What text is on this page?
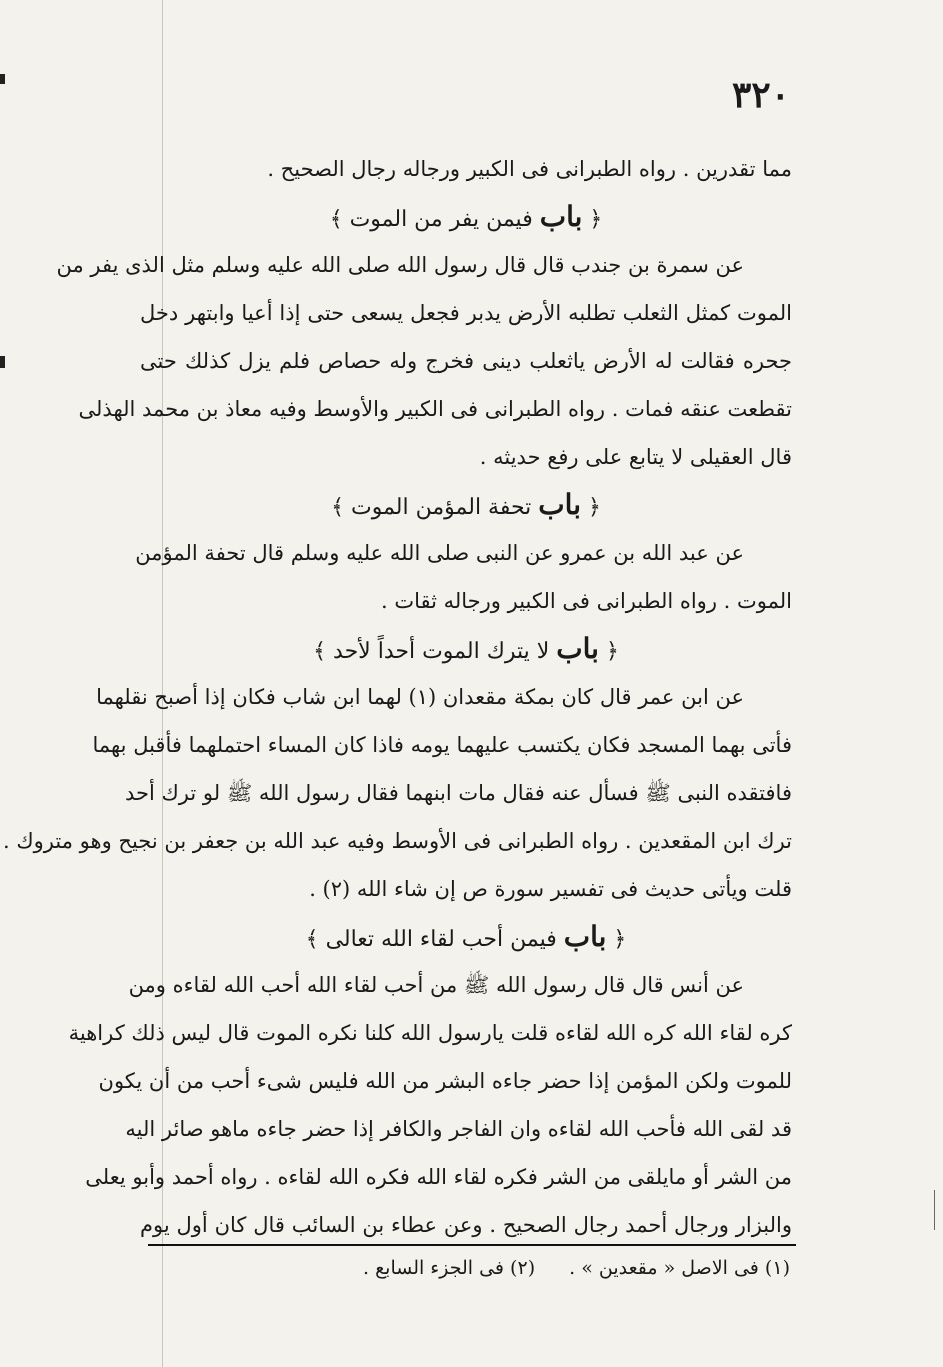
٣٢٠
مما تقدرين . رواه الطبرانى فى الكبير ورجاله رجال الصحيح .
﴿ باب فيمن يفر من الموت ﴾
عن سمرة بن جندب قال قال رسول الله صلى الله عليه وسلم مثل الذى يفر من
الموت كمثل الثعلب تطلبه الأرض يدبر فجعل يسعى حتى إذا أعيا وابتهر دخل
جحره فقالت له الأرض ياثعلب دينى فخرج وله حصاص فلم يزل كذلك حتى
تقطعت عنقه فمات . رواه الطبرانى فى الكبير والأوسط وفيه معاذ بن محمد الهذلى
قال العقيلى لا يتابع على رفع حديثه .
﴿ باب تحفة المؤمن الموت ﴾
عن عبد الله بن عمرو عن النبى صلى الله عليه وسلم قال تحفة المؤمن
الموت . رواه الطبرانى فى الكبير ورجاله ثقات .
﴿ باب لا يترك الموت أحداً لأحد ﴾
عن ابن عمر قال كان بمكة مقعدان (١) لهما ابن شاب فكان إذا أصبح نقلهما
فأتى بهما المسجد فكان يكتسب عليهما يومه فاذا كان المساء احتملهما فأقبل بهما
فافتقده النبى ﷺ فسأل عنه فقال مات ابنهما فقال رسول الله ﷺ لو ترك أحد
ترك ابن المقعدين . رواه الطبرانى فى الأوسط وفيه عبد الله بن جعفر بن نجيح وهو متروك .
قلت ويأتى حديث فى تفسير سورة ص إن شاء الله (٢) .
﴿ باب فيمن أحب لقاء الله تعالى ﴾
عن أنس قال قال رسول الله ﷺ من أحب لقاء الله أحب الله لقاءه ومن
كره لقاء الله كره الله لقاءه قلت يارسول الله كلنا نكره الموت قال ليس ذلك كراهية
للموت ولكن المؤمن إذا حضر جاءه البشر من الله فليس شىء أحب من أن يكون
قد لقى الله فأحب الله لقاءه وان الفاجر والكافر إذا حضر جاءه ماهو صائر اليه
من الشر أو مايلقى من الشر فكره لقاء الله فكره الله لقاءه . رواه أحمد وأبو يعلى
والبزار ورجال أحمد رجال الصحيح . وعن عطاء بن السائب قال كان أول يوم
(١) فى الاصل « مقعدين » . (٢) فى الجزء السابع .
